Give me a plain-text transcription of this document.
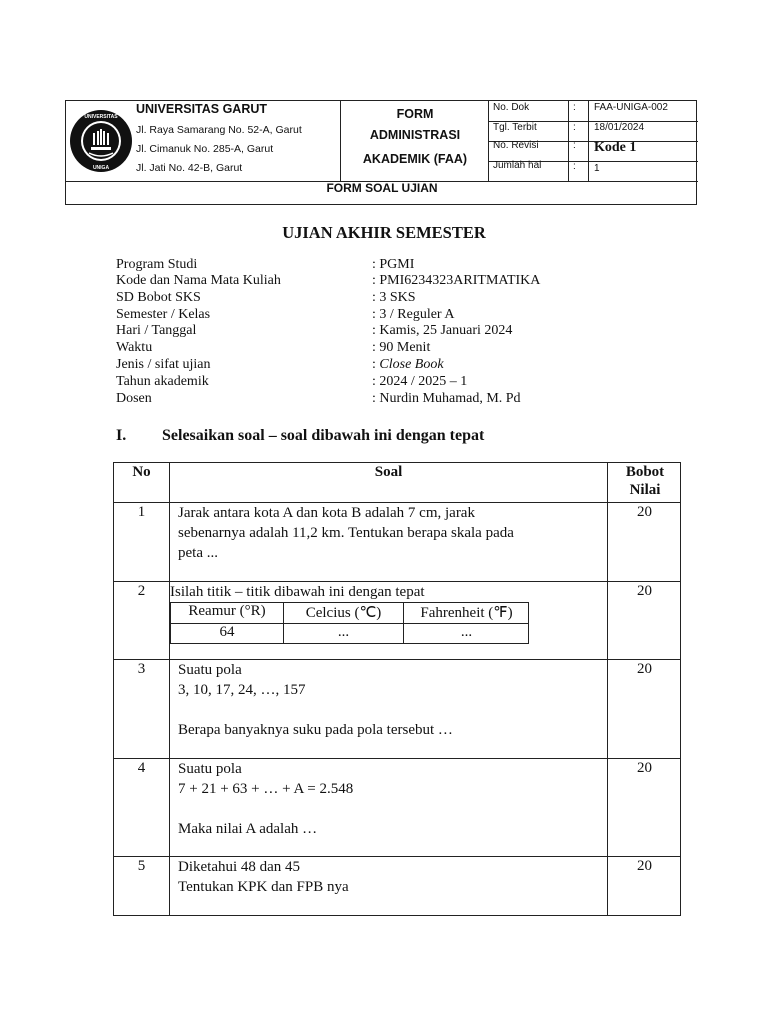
UNIVERSITAS
UNIGA
UNIVERSITAS GARUT
Jl. Raya Samarang No. 52-A, Garut
Jl. Cimanuk No. 285-A, Garut
Jl. Jati No. 42-B, Garut
FORM
ADMINISTRASI
AKADEMIK (FAA)
No. Dok	: FAA-UNIGA-002
Tgl. Terbit	: 18/01/2024
No. Revisi	: Kode 1
Jumlah hal	: 1
FORM SOAL UJIAN
UJIAN AKHIR SEMESTER
Program Studi	: PGMI
Kode dan Nama Mata Kuliah	: PMI6234323ARITMATIKA
SD Bobot SKS	: 3 SKS
Semester / Kelas	: 3 / Reguler A
Hari / Tanggal	: Kamis, 25 Januari 2024
Waktu	: 90 Menit
Jenis / sifat ujian	: Close Book
Tahun akademik	: 2024 / 2025 – 1
Dosen	: Nurdin Muhamad, M. Pd
I. Selesaikan soal – soal dibawah ini dengan tepat
No	Soal	Bobot
Nilai
1	Jarak antara kota A dan kota B adalah 7 cm, jarak
sebenarnya adalah 11,2 km. Tentukan berapa skala pada
peta ...
20
2	Isilah titik – titik dibawah ini dengan tepat	20
Reamur (°R)	Celcius (℃)	Fahrenheit (℉)
64	...	...
3	Suatu pola
3, 10, 17, 24, …, 157
Berapa banyaknya suku pada pola tersebut …
20
4	Suatu pola
7 + 21 + 63 + … + A = 2.548
Maka nilai A adalah …
20
5	Diketahui 48 dan 45
Tentukan KPK dan FPB nya
20
